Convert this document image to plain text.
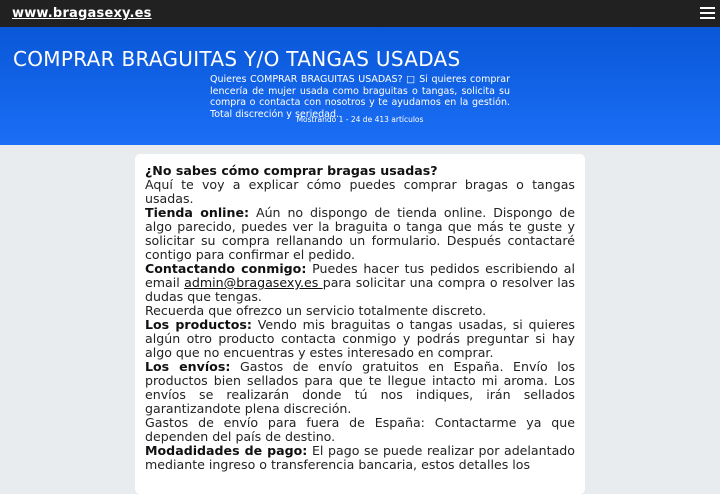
www.bragasexy.es
COMPRAR BRAGUITAS Y/O TANGAS USADAS

Quieres COMPRAR BRAGUITAS USADAS? □ Si quieres comprar lencería de mujer usada como braguitas o tangas, solicita su compra o contacta con nosotros y te ayudamos en la gestión. Total discreción y seriedad.

Mostrando 1 - 24 de 413 artículos

¿No sabes cómo comprar bragas usadas?

Aquí te voy a explicar cómo puedes comprar bragas o tangas usadas.

Tienda online: Aún no dispongo de tienda online. Dispongo de algo parecido, puedes ver la braguita o tanga que más te guste y solicitar su compra rellanando un formulario. Después contactaré contigo para confirmar el pedido.

Contactando conmigo: Puedes hacer tus pedidos escribiendo al email admin@bragasexy.es para solicitar una compra o resolver las dudas que tengas.

Recuerda que ofrezco un servicio totalmente discreto.

Los productos: Vendo mis braguitas o tangas usadas, si quieres algún otro producto contacta conmigo y podrás preguntar si hay algo que no encuentras y estes interesado en comprar.

Los envíos: Gastos de envío gratuitos en España. Envío los productos bien sellados para que te llegue intacto mi aroma. Los envíos se realizarán donde tú nos indiques, irán sellados garantizandote plena discreción.

Gastos de envío para fuera de España: Contactarme ya que dependen del país de destino.

Modadidades de pago: El pago se puede realizar por adelantado mediante ingreso o transferencia bancaria, estos detalles los
